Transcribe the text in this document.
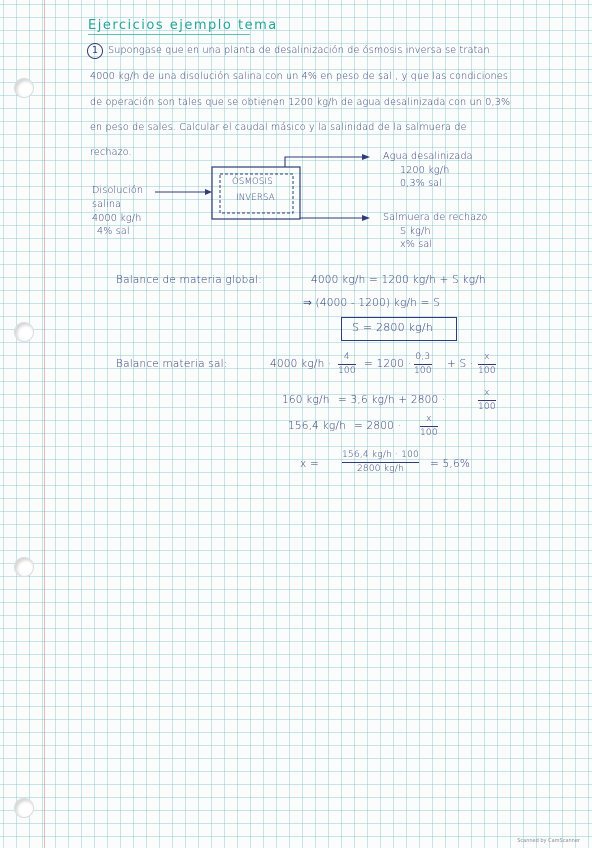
Ejercicios ejemplo tema
1	Supongase que en una planta de desalinización de ósmosis inversa se tratan
4000 kg/h de una disolución salina con un 4% en peso de sal , y que las condiciones
de operación son tales que se obtienen 1200 kg/h de agua desalinizada con un 0,3%
en peso de sales. Calcular el caudal másico y la salinidad de la salmuera de
rechazo.
ÓSMOSIS
INVERSA
Disolución
salina
4000 kg/h
4% sal
Agua desalinizada
1200 kg/h
0,3% sal
Salmuera de rechazo
S kg/h
x% sal
Balance de materia global:	4000 kg/h = 1200 kg/h + S kg/h
⇒ (4000 - 1200) kg/h = S
S = 2800 kg/h
Balance materia sal:	4000 kg/h ·
4
100
= 1200 ·
0,3
100
+ S ·
x
100
160 kg/h = 3,6 kg/h + 2800 ·
x
100
156,4 kg/h = 2800 ·
x
100
x =
156,4 kg/h · 100
2800 kg/h = 5,6%
Scanned by CamScanner
